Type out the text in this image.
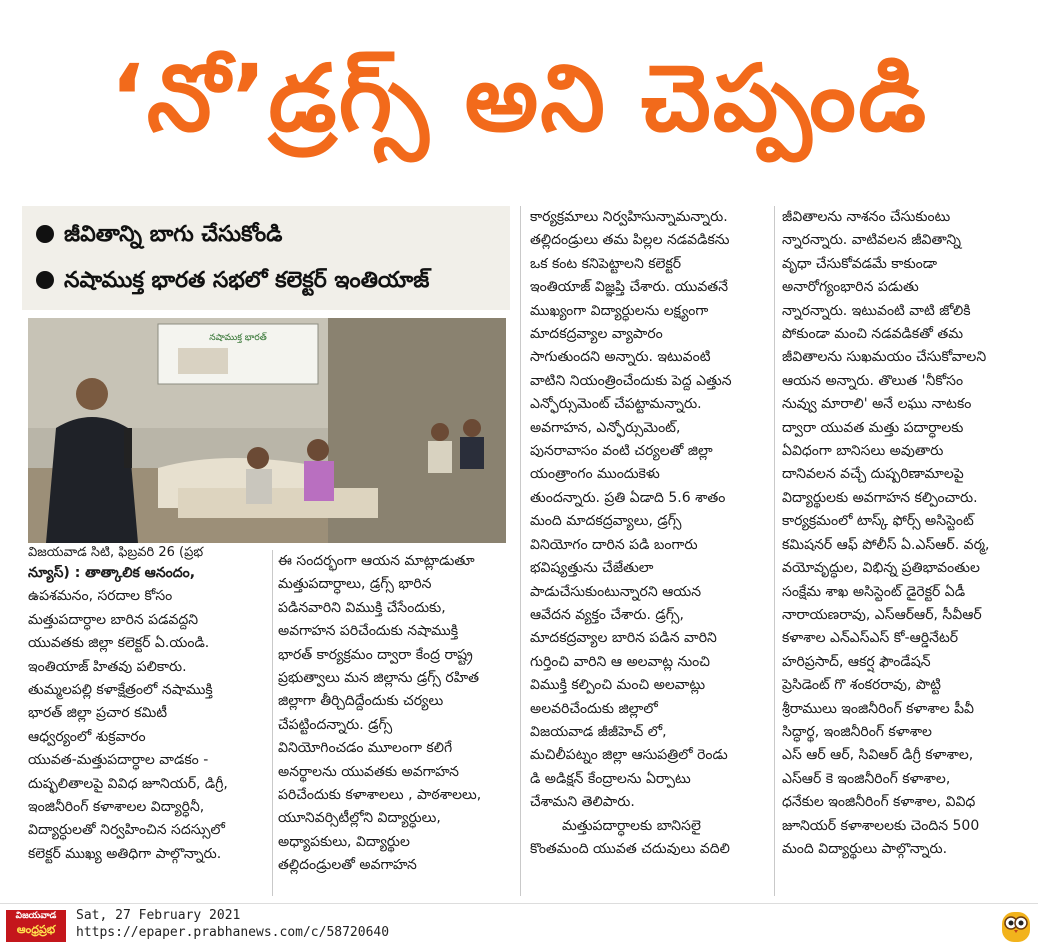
‘నో’డ్రగ్స్ అని చెప్పండి
జీవితాన్ని బాగు చేసుకోండి
నషాముక్త భారత సభలో కలెక్టర్ ఇంతియాజ్
నషాముక్త భారత్
విజయవాడ సిటీ, ఫిబ్రవరి 26 (ప్రభ

న్యూస్) : తాత్కాలిక ఆనందం,

ఉపశమనం, సరదాల కోసం

మత్తుపదార్ధాల బారిన పడవద్దని

యువతకు జిల్లా కలెక్టర్ ఏ.యండి.

ఇంతియాజ్ హితవు పలికారు.

తుమ్మలపల్లి కళాక్షేత్రంలో నషాముక్తి

భారత్ జిల్లా ప్రచార కమిటీ

ఆధ్వర్యంలో శుక్రవారం

యువత-మత్తుపదార్ధాల వాడకం -

దుష్ఫలితాలపై వివిధ జూనియర్, డిగ్రీ,

ఇంజినీరింగ్ కళాశాలల విద్యార్ధినీ,

విద్యార్ధులతో నిర్వహించిన సదస్సులో

కలెక్టర్ ముఖ్య అతిధిగా పాల్గొన్నారు.

ఈ సందర్భంగా ఆయన మాట్లాడుతూ

మత్తుపదార్ధాలు, డ్రగ్స్ భారిన

పడినవారిని విముక్తి చేసేందుకు,

అవగాహన పరిచేందుకు నషాముక్తి

భారత్ కార్యక్రమం ద్వారా కేంద్ర రాష్ట్ర

ప్రభుత్వాలు మన జిల్లాను డ్రగ్స్ రహిత

జిల్లాగా తీర్చిదిద్దేందుకు చర్యలు

చేపట్టిందన్నారు. డ్రగ్స్

వినియోగించడం మూలంగా కలిగే

అనర్థాలను యువతకు అవగాహన

పరిచేందుకు కళాశాలలు , పాఠశాలలు,

యూనివర్సిటీల్లోని విద్యార్ధులు,

అధ్యాపకులు, విద్యార్థుల

తల్లిదండ్రులతో అవగాహన

కార్యక్రమాలు నిర్వహిసున్నామన్నారు.

తల్లిదండ్రులు తమ పిల్లల నడవడికను

ఒక కంట కనిపెట్టాలని కలెక్టర్

ఇంతియాజ్ విజ్ఞప్తి చేశారు. యువతనే

ముఖ్యంగా విద్యార్ధులను లక్ష్యంగా

మాదకద్రవ్యాల వ్యాపారం

సాగుతుందని అన్నారు. ఇటువంటి

వాటిని నియంత్రించేందుకు పెద్ద ఎత్తున

ఎన్ఫోర్సుమెంట్ చేపట్టామన్నారు.

అవగాహన, ఎన్ఫోర్సుమెంట్,

పునరావాసం వంటి చర్యలతో జిల్లా

యంత్రాంగం ముందుకెళు

తుందన్నారు. ప్రతి ఏడాది 5.6 శాతం

మంది మాదకద్రవ్యాలు, డ్రగ్స్

వినియోగం దారిన పడి బంగారు

భవిష్యత్తును చేజేతులా

పాడుచేసుకుంటున్నారని ఆయన

ఆవేదన వ్యక్తం చేశారు. డ్రగ్స్,

మాదకద్రవ్యాల బారిన పడిన వారిని

గుర్తించి వారిని ఆ అలవాట్ల నుంచి

విముక్తి కల్పించి మంచి అలవాట్లు

అలవరిచేందుకు జిల్లాలో

విజయవాడ జీజీహెచ్ లో,

మచిలీపట్నం జిల్లా ఆసుపత్రిలో రెండు

డి అడిక్షన్ కేంద్రాలను ఏర్పాటు

చేశామని తెలిపారు.

మత్తుపదార్ధాలకు బానిసలై

కొంతమంది యువత చదువులు వదిలి

జీవితాలను నాశనం చేసుకుంటు

న్నారన్నారు. వాటివలన జీవితాన్ని

వృధా చేసుకోవడమే కాకుండా

అనారోగ్యంభారిన పడుతు

న్నారన్నారు. ఇటువంటి వాటి జోలికి

పోకుండా మంచి నడవడికతో తమ

జీవితాలను సుఖమయం చేసుకోవాలని

ఆయన అన్నారు. తొలుత 'నీకోసం

నువ్వు మారాలి' అనే లఘు నాటకం

ద్వారా యువత మత్తు పదార్ధాలకు

ఏవిధంగా బానిసలు అవుతారు

దానివలన వచ్చే దుష్పరిణామాలపై

విద్యార్థులకు అవగాహన కల్పించారు.

కార్యక్రమంలో టాస్క్ ఫోర్స్ అసిస్టెంట్

కమిషనర్ ఆఫ్ పోలీస్ ఏ.ఎస్ఆర్. వర్మ,

వయోవృద్ధుల, విభిన్న ప్రతిభావంతుల

సంక్షేమ శాఖ అసిస్టెంట్ డైరెక్టర్ ఏడీ

నారాయణరావు, ఎస్ఆర్ఆర్, సీవీఆర్

కళాశాల ఎన్ఎస్ఎస్ కో-ఆర్డినేటర్

హరిప్రసాద్, ఆకర్ష ఫౌండేషన్

ప్రెసిడెంట్ గొ శంకరరావు, పొట్టి

శ్రీరాములు ఇంజినీరింగ్ కళాశాల పీవీ

సిద్ధార్థ, ఇంజినీరింగ్ కళాశాల

ఎస్ ఆర్ ఆర్, సివిఆర్ డిగ్రీ కళాశాల,

ఎస్ఆర్ కె ఇంజినీరింగ్ కళాశాల,

ధనేకుల ఇంజినీరింగ్ కళాశాల, వివిధ

జూనియర్ కళాశాలలకు చెందిన 500

మంది విద్యార్థులు పాల్గొన్నారు.

విజయవాడ
ఆంధ్రప్రభ
Sat, 27 February 2021
https://epaper.prabhanews.com/c/58720640
